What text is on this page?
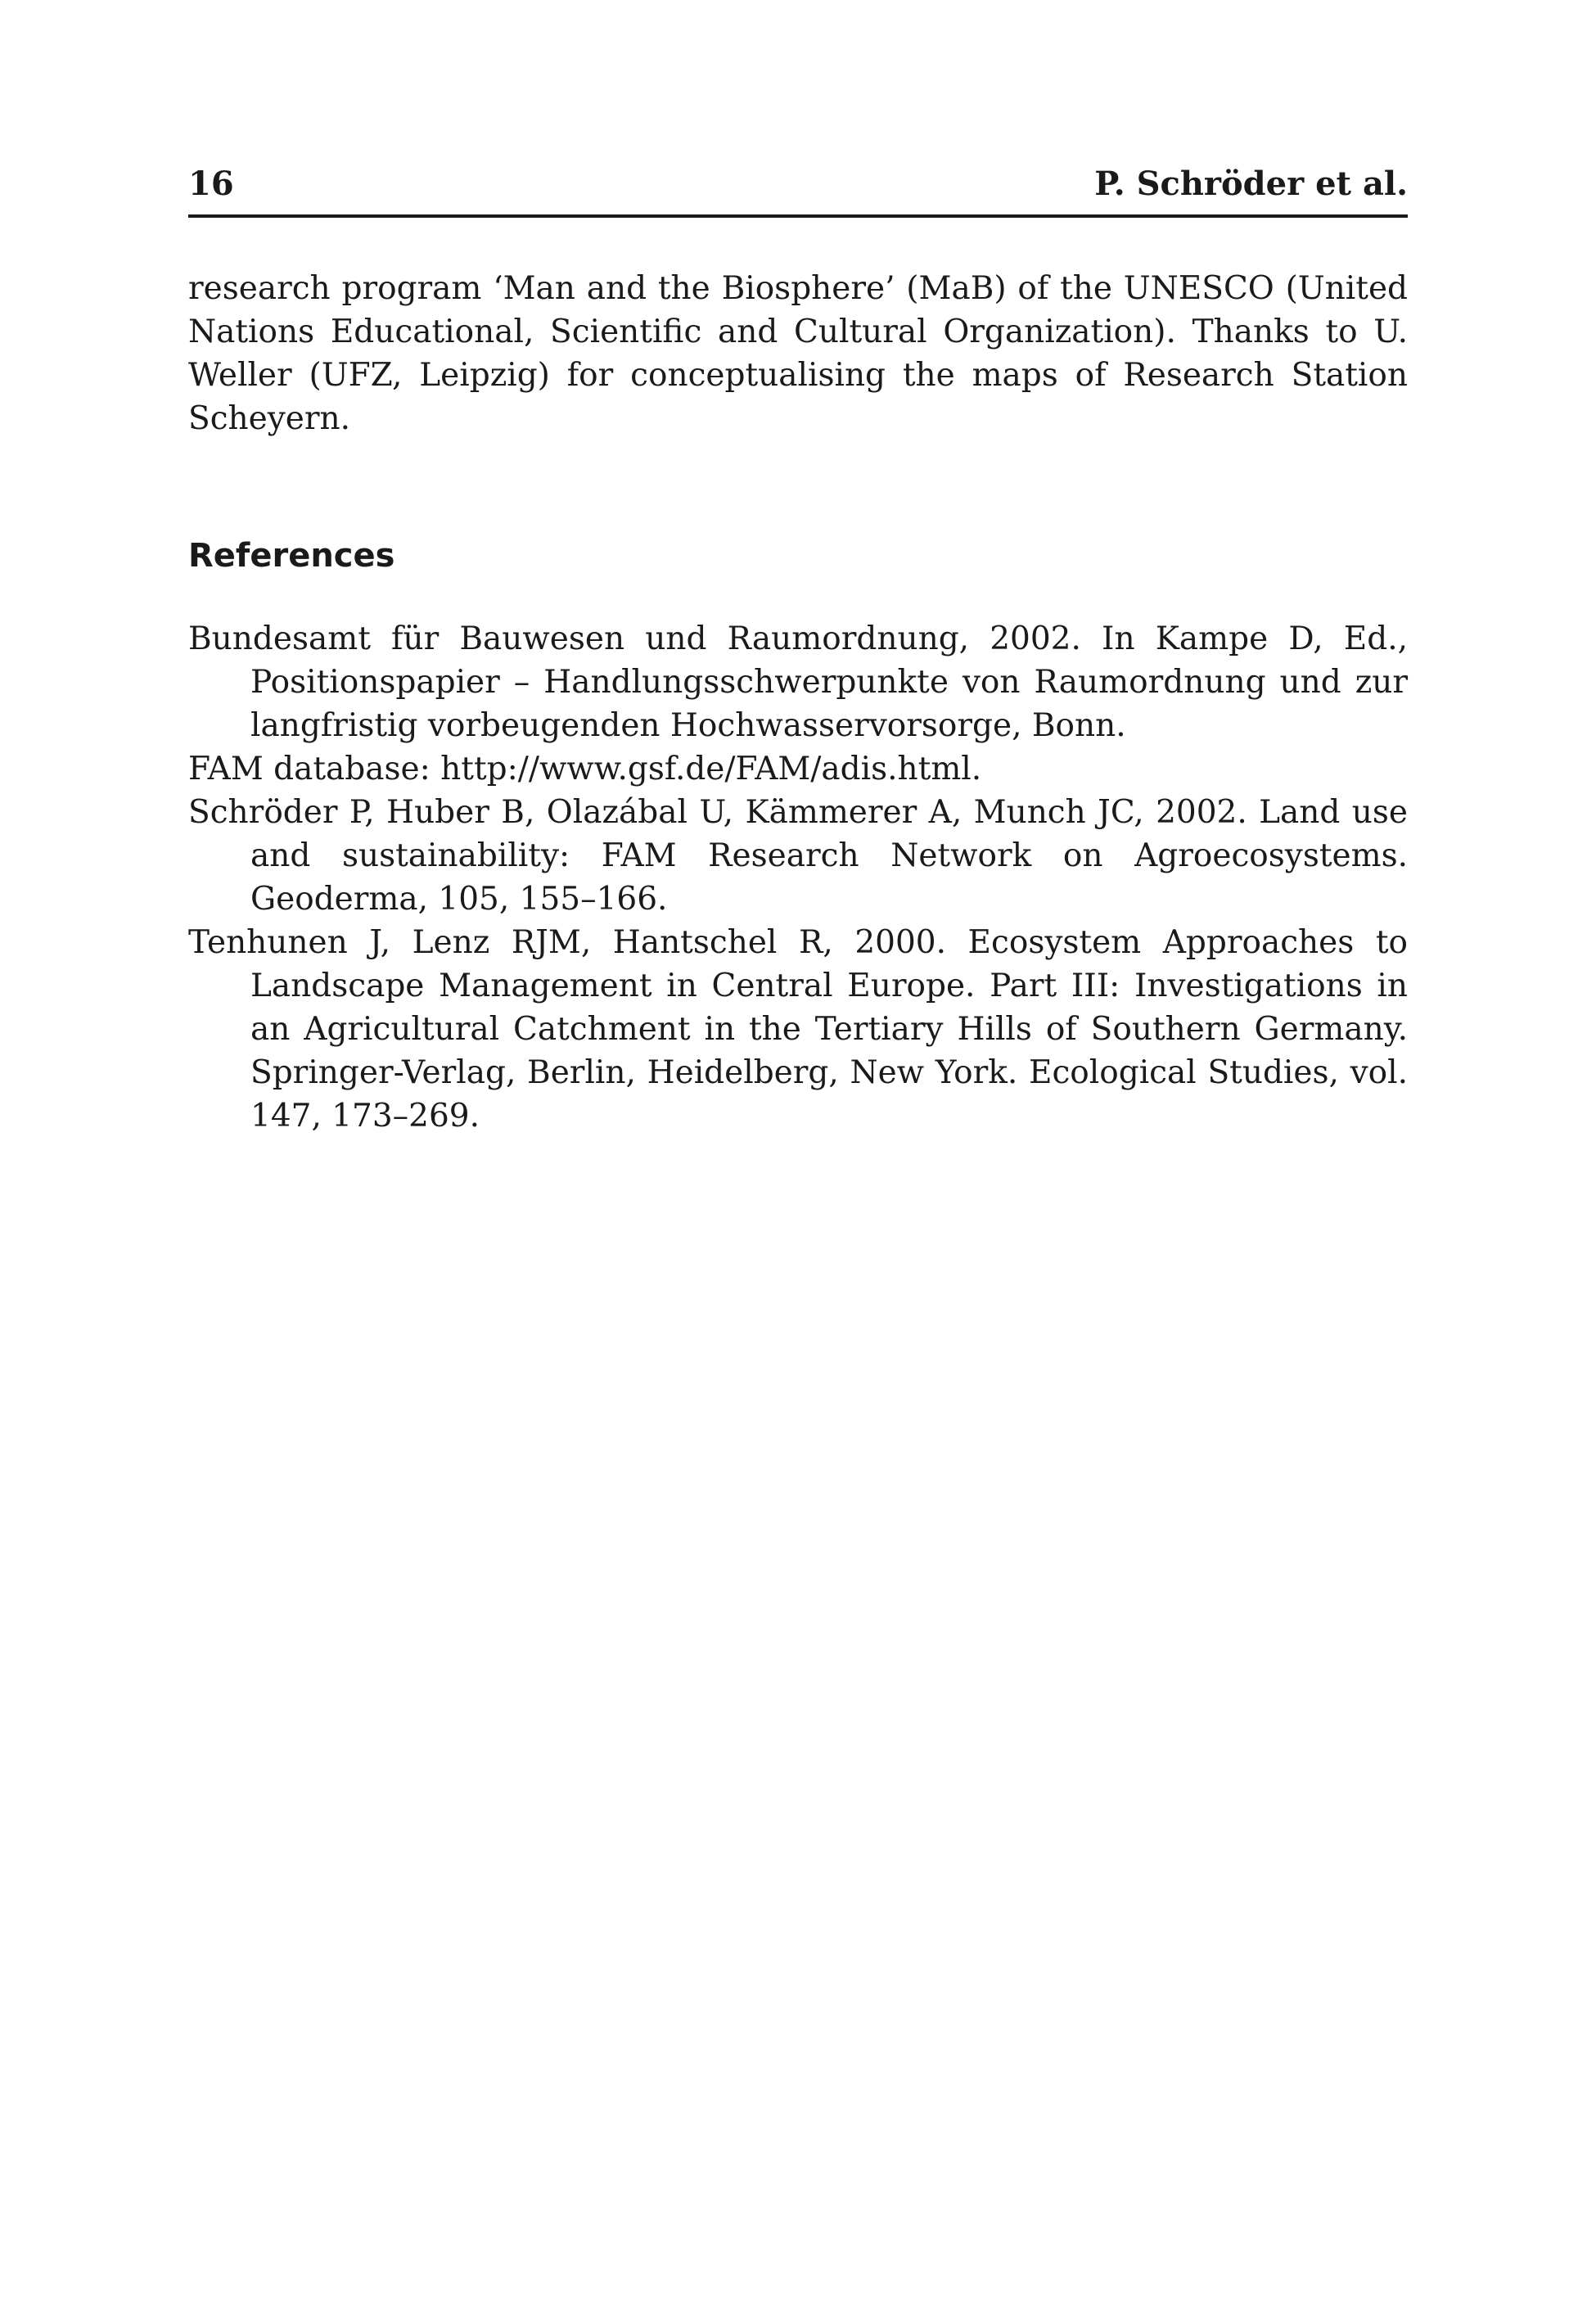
16	P. Schröder et al.

research program ‘Man and the Biosphere’ (MaB) of the UNESCO (United Nations Educational, Scientific and Cultural Organization). Thanks to U. Weller (UFZ, Leipzig) for conceptualising the maps of Research Station Scheyern.

References
Bundesamt für Bauwesen und Raumordnung, 2002. In Kampe D, Ed., Positionspapier – Handlungsschwerpunkte von Raumordnung und zur langfristig vorbeugenden Hochwasservorsorge, Bonn.
FAM database: http://www.gsf.de/FAM/adis.html.
Schröder P, Huber B, Olazábal U, Kämmerer A, Munch JC, 2002. Land use and sustainability: FAM Research Network on Agroecosystems. Geoderma, 105, 155–166.
Tenhunen J, Lenz RJM, Hantschel R, 2000. Ecosystem Approaches to Landscape Management in Central Europe. Part III: Investigations in an Agricultural Catchment in the Tertiary Hills of Southern Germany. Springer-Verlag, Berlin, Heidelberg, New York. Ecological Studies, vol. 147, 173–269.
